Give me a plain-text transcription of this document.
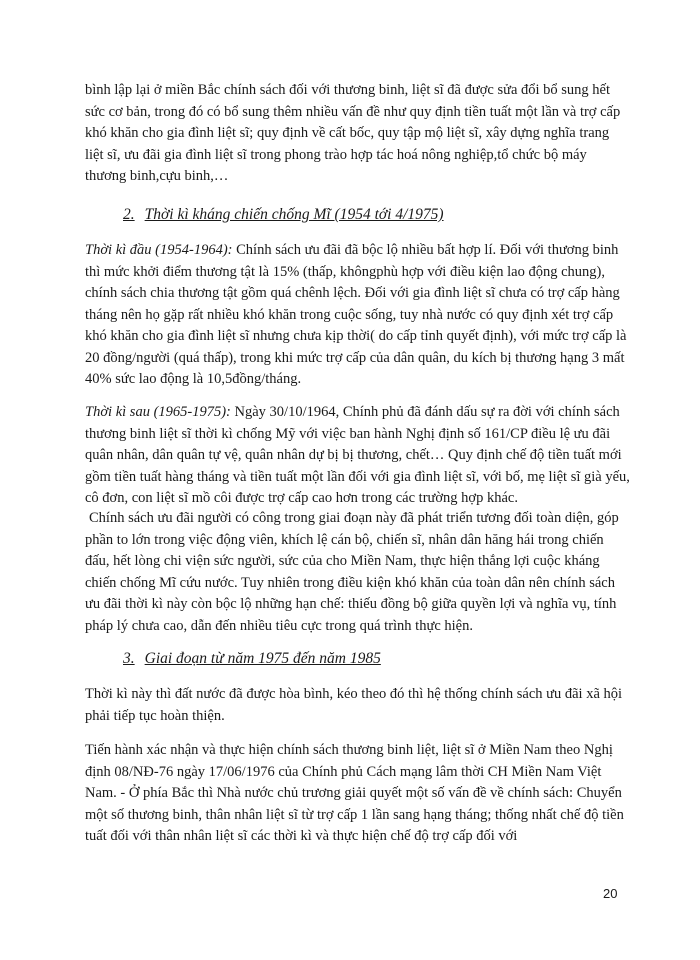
bình lập lại ở miền Bắc chính sách đối với thương binh, liệt sĩ đã được sửa đổi bổ sung hết sức cơ bản, trong đó có bổ sung thêm nhiều vấn đề như quy định tiền tuất một lần và trợ cấp khó khăn cho gia đình liệt sĩ; quy định về cất bốc, quy tập mộ liệt sĩ, xây dựng nghĩa trang liệt sĩ, ưu đãi gia đình liệt sĩ trong phong trào hợp tác hoá nông nghiệp,tổ chức bộ máy thương binh,cựu binh,…

2. Thời kì kháng chiến chống Mĩ (1954 tới 4/1975)

Thời kì đầu (1954-1964): Chính sách ưu đãi đã bộc lộ nhiều bất hợp lí. Đối với thương binh thì mức khởi điểm thương tật là 15% (thấp, khôngphù hợp với điều kiện lao động chung), chính sách chia thương tật gồm quá chênh lệch. Đối với gia đình liệt sĩ chưa có trợ cấp hàng tháng nên họ gặp rất nhiều khó khăn trong cuộc sống, tuy nhà nước có quy định xét trợ cấp khó khăn cho gia đình liệt sĩ nhưng chưa kịp thời( do cấp tỉnh quyết định), với mức trợ cấp là 20 đồng/người (quá thấp), trong khi mức trợ cấp của dân quân, du kích bị thương hạng 3 mất 40% sức lao động là 10,5đồng/tháng.

Thời kì sau (1965-1975): Ngày 30/10/1964, Chính phủ đã đánh dấu sự ra đời với chính sách thương binh liệt sĩ thời kì chống Mỹ với việc ban hành Nghị định số 161/CP điều lệ ưu đãi quân nhân, dân quân tự vệ, quân nhân dự bị bị thương, chết… Quy định chế độ tiền tuất mới gồm tiền tuất hàng tháng và tiền tuất một lần đối với gia đình liệt sĩ, với bố, mẹ liệt sĩ già yếu, cô đơn, con liệt sĩ mồ côi được trợ cấp cao hơn trong các trường hợp khác.

Chính sách ưu đãi người có công trong giai đoạn này đã phát triển tương đối toàn diện, góp phần to lớn trong việc động viên, khích lệ cán bộ, chiến sĩ, nhân dân hăng hái trong chiến đấu, hết lòng chi viện sức người, sức của cho Miền Nam, thực hiện thắng lợi cuộc kháng chiến chống Mĩ cứu nước. Tuy nhiên trong điều kiện khó khăn của toàn dân nên chính sách ưu đãi thời kì này còn bộc lộ những hạn chế: thiếu đồng bộ giữa quyền lợi và nghĩa vụ, tính pháp lý chưa cao, dẫn đến nhiều tiêu cực trong quá trình thực hiện.

3. Giai đoạn từ năm 1975 đến năm 1985

Thời kì này thì đất nước đã được hòa bình, kéo theo đó thì hệ thống chính sách ưu đãi xã hội phải tiếp tục hoàn thiện.

Tiến hành xác nhận và thực hiện chính sách thương binh liệt, liệt sĩ ở Miền Nam theo Nghị định 08/NĐ-76 ngày 17/06/1976 của Chính phủ Cách mạng lâm thời CH Miền Nam Việt Nam. - Ở phía Bắc thì Nhà nước chủ trương giải quyết một số vấn đề về chính sách: Chuyển một số thương binh, thân nhân liệt sĩ từ trợ cấp 1 lần sang hạng tháng; thống nhất chế độ tiền tuất đối với thân nhân liệt sĩ các thời kì và thực hiện chế độ trợ cấp đối với

20
